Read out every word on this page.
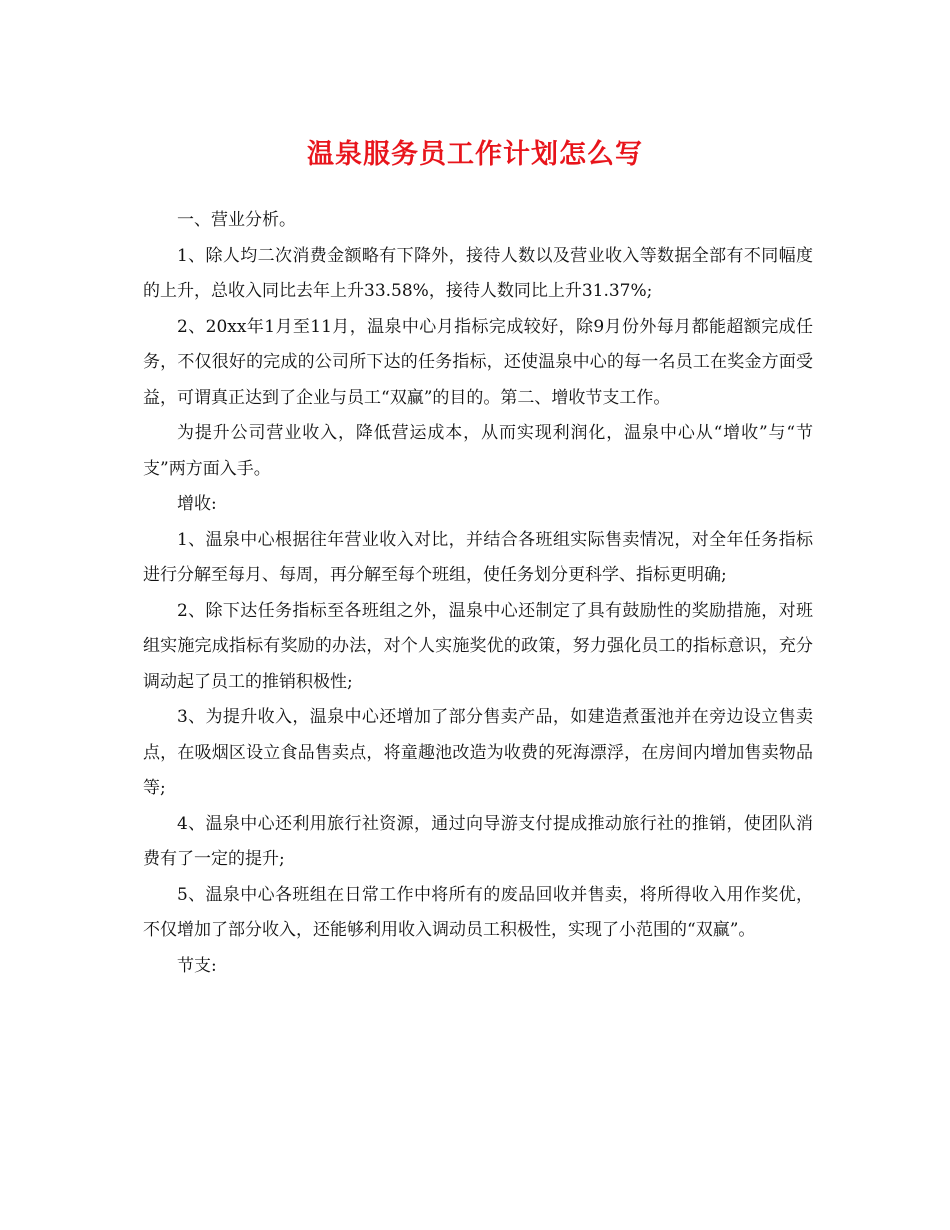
温泉服务员工作计划怎么写

一、营业分析。

1、除人均二次消费金额略有下降外，接待人数以及营业收入等数据全部有不同幅度的上升，总收入同比去年上升33.58%，接待人数同比上升31.37%;

2、20xx年1月至11月，温泉中心月指标完成较好，除9月份外每月都能超额完成任务，不仅很好的完成的公司所下达的任务指标，还使温泉中心的每一名员工在奖金方面受益，可谓真正达到了企业与员工“双赢”的目的。第二、增收节支工作。

为提升公司营业收入，降低营运成本，从而实现利润化，温泉中心从“增收”与“节支”两方面入手。

增收:

1、温泉中心根据往年营业收入对比，并结合各班组实际售卖情况，对全年任务指标进行分解至每月、每周，再分解至每个班组，使任务划分更科学、指标更明确;

2、除下达任务指标至各班组之外，温泉中心还制定了具有鼓励性的奖励措施，对班组实施完成指标有奖励的办法，对个人实施奖优的政策，努力强化员工的指标意识，充分调动起了员工的推销积极性;

3、为提升收入，温泉中心还增加了部分售卖产品，如建造煮蛋池并在旁边设立售卖点，在吸烟区设立食品售卖点，将童趣池改造为收费的死海漂浮，在房间内增加售卖物品等;

4、温泉中心还利用旅行社资源，通过向导游支付提成推动旅行社的推销，使团队消费有了一定的提升;

5、温泉中心各班组在日常工作中将所有的废品回收并售卖，将所得收入用作奖优，不仅增加了部分收入，还能够利用收入调动员工积极性，实现了小范围的“双赢”。

节支:
